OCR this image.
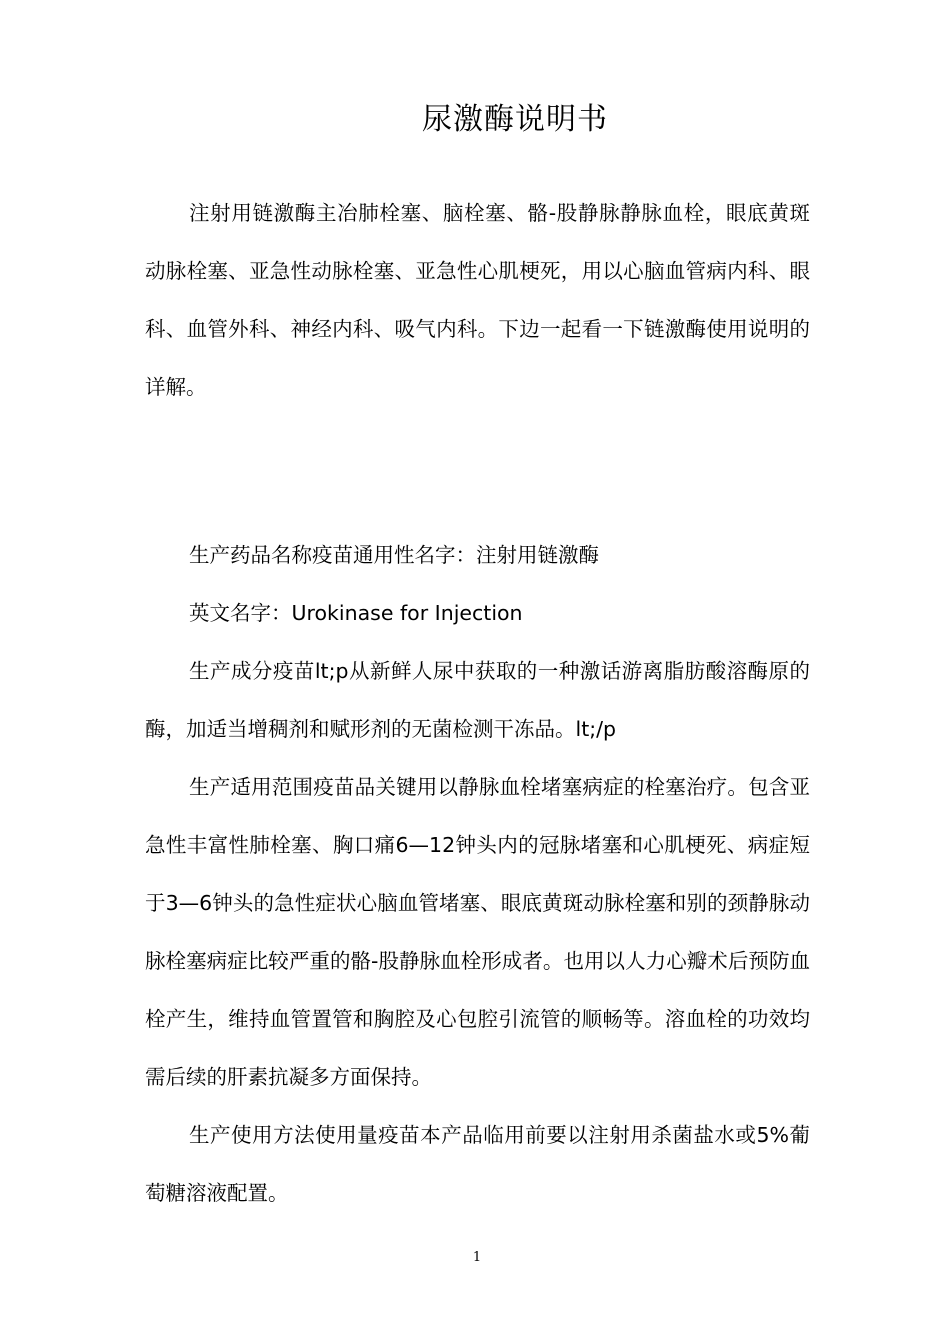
尿激酶说明书

注射用链激酶主冶肺栓塞、脑栓塞、骼-股静脉静脉血栓，眼底黄斑动脉栓塞、亚急性动脉栓塞、亚急性心肌梗死，用以心脑血管病内科、眼科、血管外科、神经内科、吸气内科。下边一起看一下链激酶使用说明的详解。

生产药品名称疫苗通用性名字：注射用链激酶

英文名字：Urokinase for Injection

生产成分疫苗lt;p从新鲜人尿中获取的一种激话游离脂肪酸溶酶原的酶，加适当增稠剂和赋形剂的无菌检测干冻品。lt;/p

生产适用范围疫苗品关键用以静脉血栓堵塞病症的栓塞治疗。包含亚急性丰富性肺栓塞、胸口痛6—12钟头内的冠脉堵塞和心肌梗死、病症短于3—6钟头的急性症状心脑血管堵塞、眼底黄斑动脉栓塞和别的颈静脉动脉栓塞病症比较严重的骼-股静脉血栓形成者。也用以人力心瓣术后预防血栓产生，维持血管置管和胸腔及心包腔引流管的顺畅等。溶血栓的功效均需后续的肝素抗凝多方面保持。

生产使用方法使用量疫苗本产品临用前要以注射用杀菌盐水或5%葡萄糖溶液配置。

1
